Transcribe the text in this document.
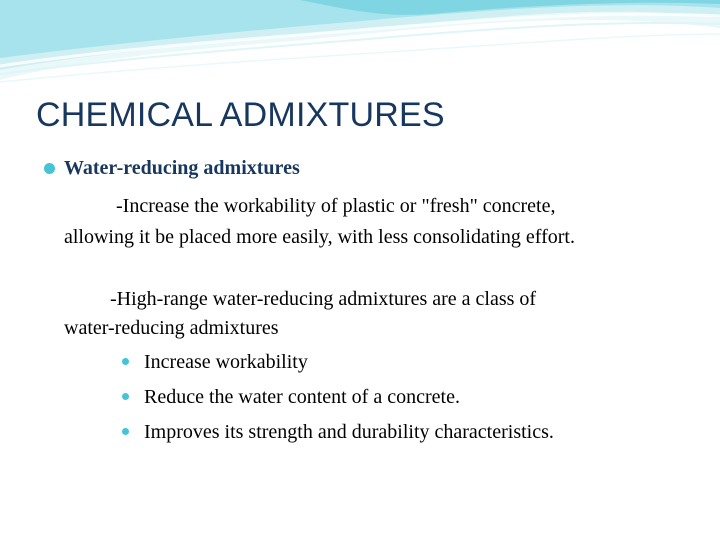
CHEMICAL ADMIXTURES
Water-reducing admixtures
-Increase the workability of plastic or "fresh" concrete,
allowing it be placed more easily, with less consolidating effort.
-High-range water-reducing admixtures are a class of
water-reducing admixtures
Increase workability
Reduce the water content of a concrete.
Improves its strength and durability characteristics.
